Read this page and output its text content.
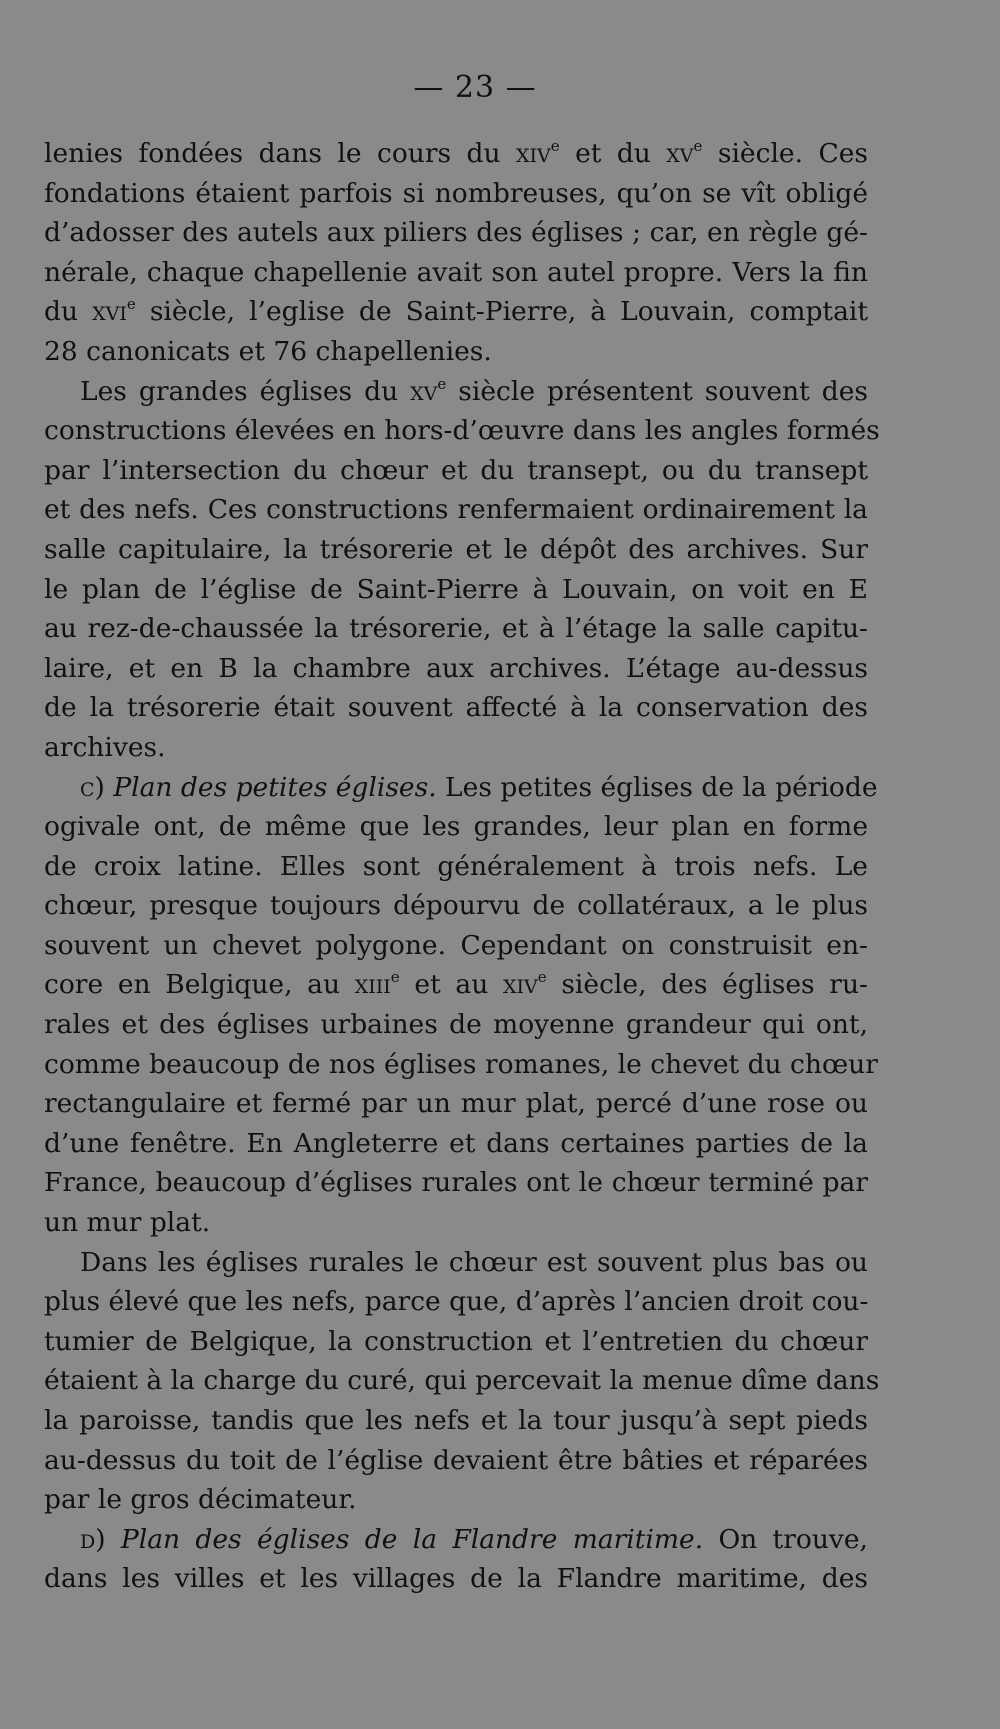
— 23 —
lenies fondées dans le cours du xiv$^e$ et du $xv^e$ siècle. Ces
fondations étaient parfois si nombreuses, qu’on se vît obligé
d’adosser des autels aux piliers des églises ; car, en règle gé-
nérale, chaque chapellenie avait son autel propre. Vers la fin
du xvi$^e$ siècle, l’eglise de Saint-Pierre, à Louvain, comptait
28 canonicats et 76 chapellenies.
Les grandes églises du $xv^e$ siècle présentent souvent des
constructions élevées en hors-d’œuvre dans les angles formés
par l’intersection du chœur et du transept, ou du transept
et des nefs. Ces constructions renfermaient ordinairement la
salle capitulaire, la trésorerie et le dépôt des archives. Sur
le plan de l’église de Saint-Pierre à Louvain, on voit en E
au rez-de-chaussée la trésorerie, et à l’étage la salle capitu-
laire, et en B la chambre aux archives. L’étage au-dessus
de la trésorerie était souvent affecté à la conservation des
archives.
c) Plan des petites églises. Les petites églises de la période
ogivale ont, de même que les grandes, leur plan en forme
de croix latine. Elles sont généralement à trois nefs. Le
chœur, presque toujours dépourvu de collatéraux, a le plus
souvent un chevet polygone. Cependant on construisit en-
core en Belgique, au xiii$^e$ et au xiv$^e$ siècle, des églises ru-
rales et des églises urbaines de moyenne grandeur qui ont,
comme beaucoup de nos églises romanes, le chevet du chœur
rectangulaire et fermé par un mur plat, percé d’une rose ou
d’une fenêtre. En Angleterre et dans certaines parties de la
France, beaucoup d’églises rurales ont le chœur terminé par
un mur plat.
Dans les églises rurales le chœur est souvent plus bas ou
plus élevé que les nefs, parce que, d’après l’ancien droit cou-
tumier de Belgique, la construction et l’entretien du chœur
étaient à la charge du curé, qui percevait la menue dîme dans
la paroisse, tandis que les nefs et la tour jusqu’à sept pieds
au-dessus du toit de l’église devaient être bâties et réparées
par le gros décimateur.
d) Plan des églises de la Flandre maritime. On trouve,
dans les villes et les villages de la Flandre maritime, des
